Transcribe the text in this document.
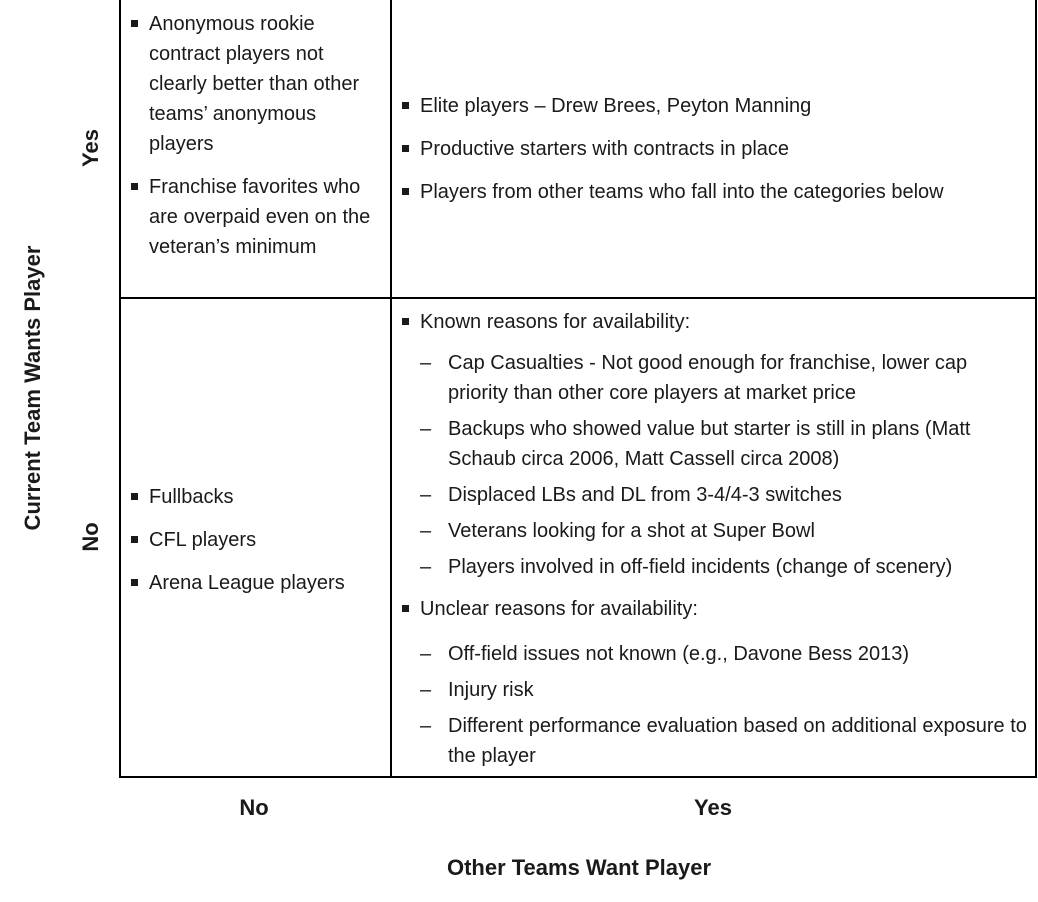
Current Team Wants Player
Yes
No
Anonymous rookie contract players not clearly better than other teams’ anonymous players
Franchise favorites who are overpaid even on the veteran’s minimum
Elite players – Drew Brees, Peyton Manning
Productive starters with contracts in place
Players from other teams who fall into the categories below
Fullbacks
CFL players
Arena League players
Known reasons for availability:
– Cap Casualties - Not good enough for franchise, lower cap priority than other core players at market price
– Backups who showed value but starter is still in plans (Matt Schaub circa 2006, Matt Cassell circa 2008)
– Displaced LBs and DL from 3-4/4-3 switches
– Veterans looking for a shot at Super Bowl
– Players involved in off-field incidents (change of scenery)
Unclear reasons for availability:
– Off-field issues not known (e.g., Davone Bess 2013)
– Injury risk
– Different performance evaluation based on additional exposure to the player
No	Yes
Other Teams Want Player
